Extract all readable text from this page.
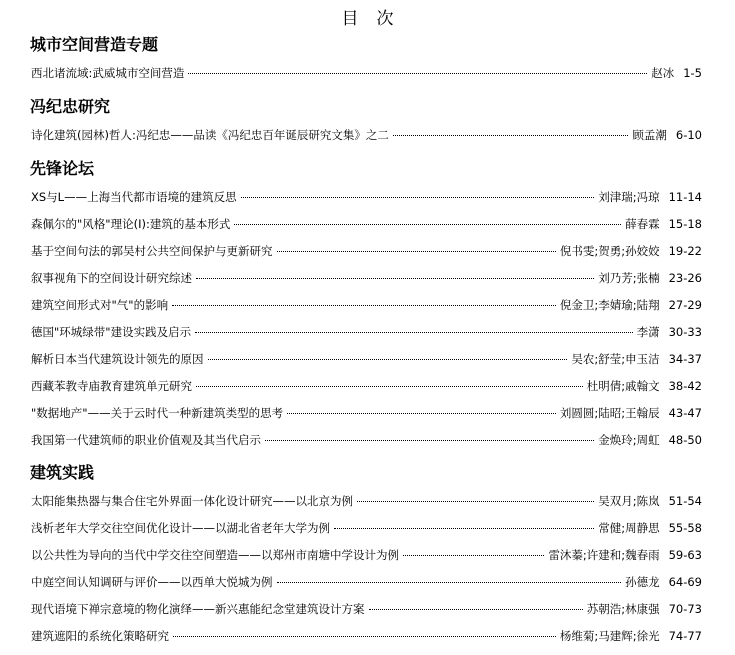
目次
城市空间营造专题
西北诸流域:武威城市空间营造	赵冰 1-5
冯纪忠研究
诗化建筑(园林)哲人:冯纪忠——品读《冯纪忠百年诞辰研究文集》之二	顾孟潮 6-10
先锋论坛
XS与L——上海当代都市语境的建筑反思	刘津瑞;冯琼 11-14
森佩尔的"风格"理论(Ⅰ):建筑的基本形式	薛春霖 15-18
基于空间句法的郭吴村公共空间保护与更新研究	倪书雯;贺勇;孙姣姣 19-22
叙事视角下的空间设计研究综述	刘乃芳;张楠 23-26
建筑空间形式对"气"的影响	倪金卫;李婧瑜;陆翔 27-29
德国"环城绿带"建设实践及启示	李潇 30-33
解析日本当代建筑设计领先的原因	吴农;舒莹;申玉洁 34-37
西藏苯教寺庙教育建筑单元研究	杜明倩;戚翰文 38-42
"数据地产"——关于云时代一种新建筑类型的思考	刘圆圆;陆昭;王翰辰 43-47
我国第一代建筑师的职业价值观及其当代启示	金焕玲;周虹 48-50
建筑实践
太阳能集热器与集合住宅外界面一体化设计研究——以北京为例	吴双月;陈岚 51-54
浅析老年大学交往空间优化设计——以湖北省老年大学为例	常健;周静思 55-58
以公共性为导向的当代中学交往空间塑造——以郑州市南塘中学设计为例	雷沐蓁;许建和;魏春雨 59-63
中庭空间认知调研与评价——以西单大悦城为例	孙德龙 64-69
现代语境下禅宗意境的物化演绎——新兴惠能纪念堂建筑设计方案	苏朝浩;林康强 70-73
建筑遮阳的系统化策略研究	杨维菊;马建辉;徐光 74-77
